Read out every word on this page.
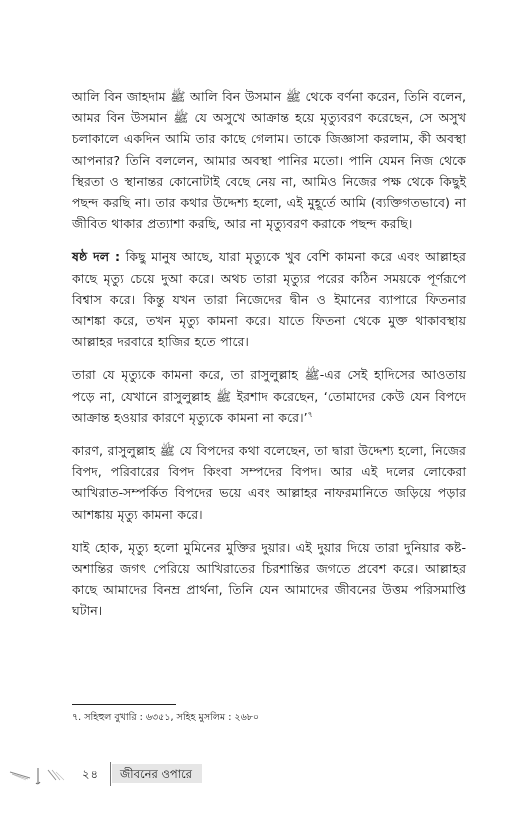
আলি বিন জাহদাম ﷺ আলি বিন উসমান ﷺ থেকে বর্ণনা করেন, তিনি বলেন, আমর বিন উসমান ﷺ যে অসুখে আক্রান্ত হয়ে মৃত্যুবরণ করেছেন, সে অসুখ চলাকালে একদিন আমি তার কাছে গেলাম। তাকে জিজ্ঞাসা করলাম, কী অবস্থা আপনার? তিনি বললেন, আমার অবস্থা পানির মতো। পানি যেমন নিজ থেকে স্থিরতা ও স্থানান্তর কোনোটাই বেছে নেয় না, আমিও নিজের পক্ষ থেকে কিছুই পছন্দ করছি না। তার কথার উদ্দেশ্য হলো, এই মুহূর্তে আমি (ব্যক্তিগতভাবে) না জীবিত থাকার প্রত্যাশা করছি, আর না মৃত্যুবরণ করাকে পছন্দ করছি।

ষষ্ঠ দল : কিছু মানুষ আছে, যারা মৃত্যুকে খুব বেশি কামনা করে এবং আল্লাহর কাছে মৃত্যু চেয়ে দুআ করে। অথচ তারা মৃত্যুর পরের কঠিন সময়কে পূর্ণরূপে বিশ্বাস করে। কিন্তু যখন তারা নিজেদের দ্বীন ও ইমানের ব্যাপারে ফিতনার আশঙ্কা করে, তখন মৃত্যু কামনা করে। যাতে ফিতনা থেকে মুক্ত থাকাবস্থায় আল্লাহর দরবারে হাজির হতে পারে।

তারা যে মৃত্যুকে কামনা করে, তা রাসুলুল্লাহ ﷺ-এর সেই হাদিসের আওতায় পড়ে না, যেখানে রাসুলুল্লাহ ﷺ ইরশাদ করেছেন, ‘তোমাদের কেউ যেন বিপদে আক্রান্ত হওয়ার কারণে মৃত্যুকে কামনা না করে।’$^৭$

কারণ, রাসুলুল্লাহ ﷺ যে বিপদের কথা বলেছেন, তা দ্বারা উদ্দেশ্য হলো, নিজের বিপদ, পরিবারের বিপদ কিংবা সম্পদের বিপদ। আর এই দলের লোকেরা আখিরাত-সম্পর্কিত বিপদের ভয়ে এবং আল্লাহর নাফরমানিতে জড়িয়ে পড়ার আশঙ্কায় মৃত্যু কামনা করে।

যাই হোক, মৃত্যু হলো মুমিনের মুক্তির দুয়ার। এই দুয়ার দিয়ে তারা দুনিয়ার কষ্ট-অশান্তির জগৎ পেরিয়ে আখিরাতের চিরশান্তির জগতে প্রবেশ করে। আল্লাহর কাছে আমাদের বিনম্র প্রার্থনা, তিনি যেন আমাদের জীবনের উত্তম পরিসমাপ্তি ঘটান।

৭. সহিহুল বুখারি : ৬৩৫১, সহিহ মুসলিম : ২৬৮০
২৪	জীবনের ওপারে
